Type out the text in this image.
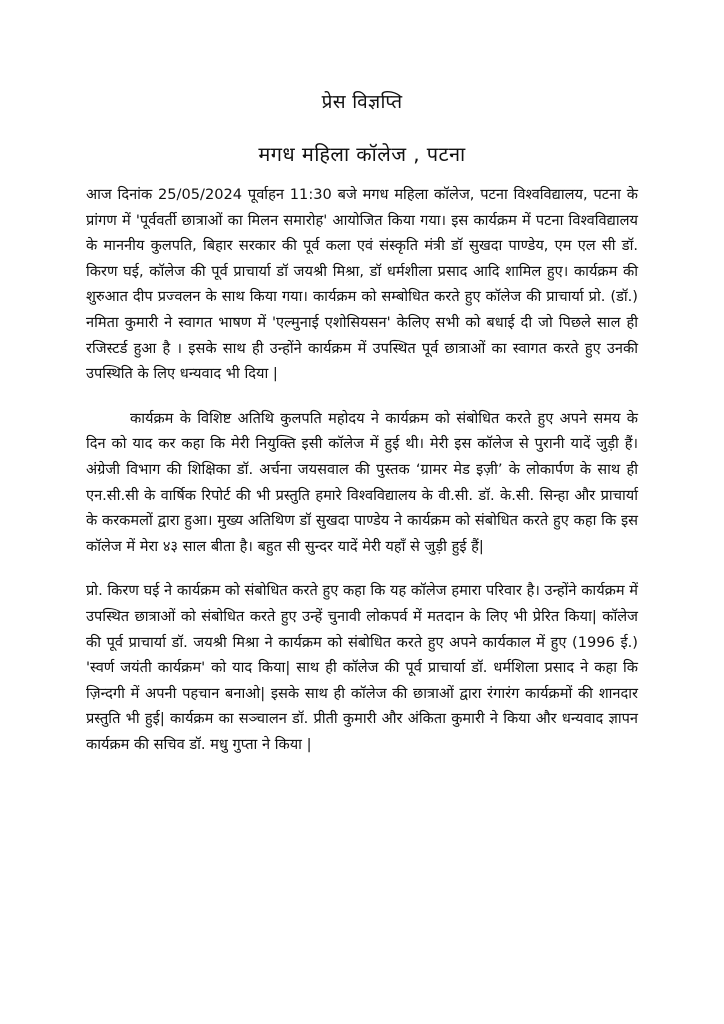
प्रेस विज्ञप्ति
मगध महिला कॉलेज , पटना

आज दिनांक 25/05/2024 पूर्वाहन 11:30 बजे मगध महिला कॉलेज, पटना विश्वविद्यालय, पटना के प्रांगण में 'पूर्ववर्ती छात्राओं का मिलन समारोह' आयोजित किया गया। इस कार्यक्रम में पटना विश्वविद्यालय के माननीय कुलपति, बिहार सरकार की पूर्व कला एवं संस्कृति मंत्री डॉ सुखदा पाण्डेय, एम एल सी डॉ. किरण घई, कॉलेज की पूर्व प्राचार्या डॉ जयश्री मिश्रा, डॉ धर्मशीला प्रसाद आदि शामिल हुए। कार्यक्रम की शुरुआत दीप प्रज्वलन के साथ किया गया। कार्यक्रम को सम्बोधित करते हुए कॉलेज की प्राचार्या प्रो. (डॉ.) नमिता कुमारी ने स्वागत भाषण में 'एल्मुनाई एशोसियसन' केलिए सभी को बधाई दी जो पिछले साल ही रजिस्टर्ड हुआ है । इसके साथ ही उन्होंने कार्यक्रम में उपस्थित पूर्व छात्राओं का स्वागत करते हुए उनकी उपस्थिति के लिए धन्यवाद भी दिया |

कार्यक्रम के विशिष्ट अतिथि कुलपति महोदय ने कार्यक्रम को संबोधित करते हुए अपने समय के दिन को याद कर कहा कि मेरी नियुक्ति इसी कॉलेज में हुई थी। मेरी इस कॉलेज से पुरानी यादें जुड़ी हैं। अंग्रेजी विभाग की शिक्षिका डॉ. अर्चना जयसवाल की पुस्तक ‘ग्रामर मेड इज़ी’ के लोकार्पण के साथ ही एन.सी.सी के वार्षिक रिपोर्ट की भी प्रस्तुति हमारे विश्वविद्यालय के वी.सी. डॉ. के.सी. सिन्हा और प्राचार्या के करकमलों द्वारा हुआ। मुख्य अतिथिण डॉ सुखदा पाण्डेय ने कार्यक्रम को संबोधित करते हुए कहा कि इस कॉलेज में मेरा ४३ साल बीता है। बहुत सी सुन्दर यादें मेरी यहाँ से जुड़ी हुई हैं|

प्रो. किरण घई ने कार्यक्रम को संबोधित करते हुए कहा कि यह कॉलेज हमारा परिवार है। उन्होंने कार्यक्रम में उपस्थित छात्राओं को संबोधित करते हुए उन्हें चुनावी लोकपर्व में मतदान के लिए भी प्रेरित किया| कॉलेज की पूर्व प्राचार्या डॉ. जयश्री मिश्रा ने कार्यक्रम को संबोधित करते हुए अपने कार्यकाल में हुए (1996 ई.) 'स्वर्ण जयंती कार्यक्रम' को याद किया| साथ ही कॉलेज की पूर्व प्राचार्या डॉ. धर्मशिला प्रसाद ने कहा कि ज़िन्दगी में अपनी पहचान बनाओ| इसके साथ ही कॉलेज की छात्राओं द्वारा रंगारंग कार्यक्रमों की शानदार प्रस्तुति भी हुई| कार्यक्रम का सञ्चालन डॉ. प्रीती कुमारी और अंकिता कुमारी ने किया और धन्यवाद ज्ञापन कार्यक्रम की सचिव डॉ. मधु गुप्ता ने किया |
